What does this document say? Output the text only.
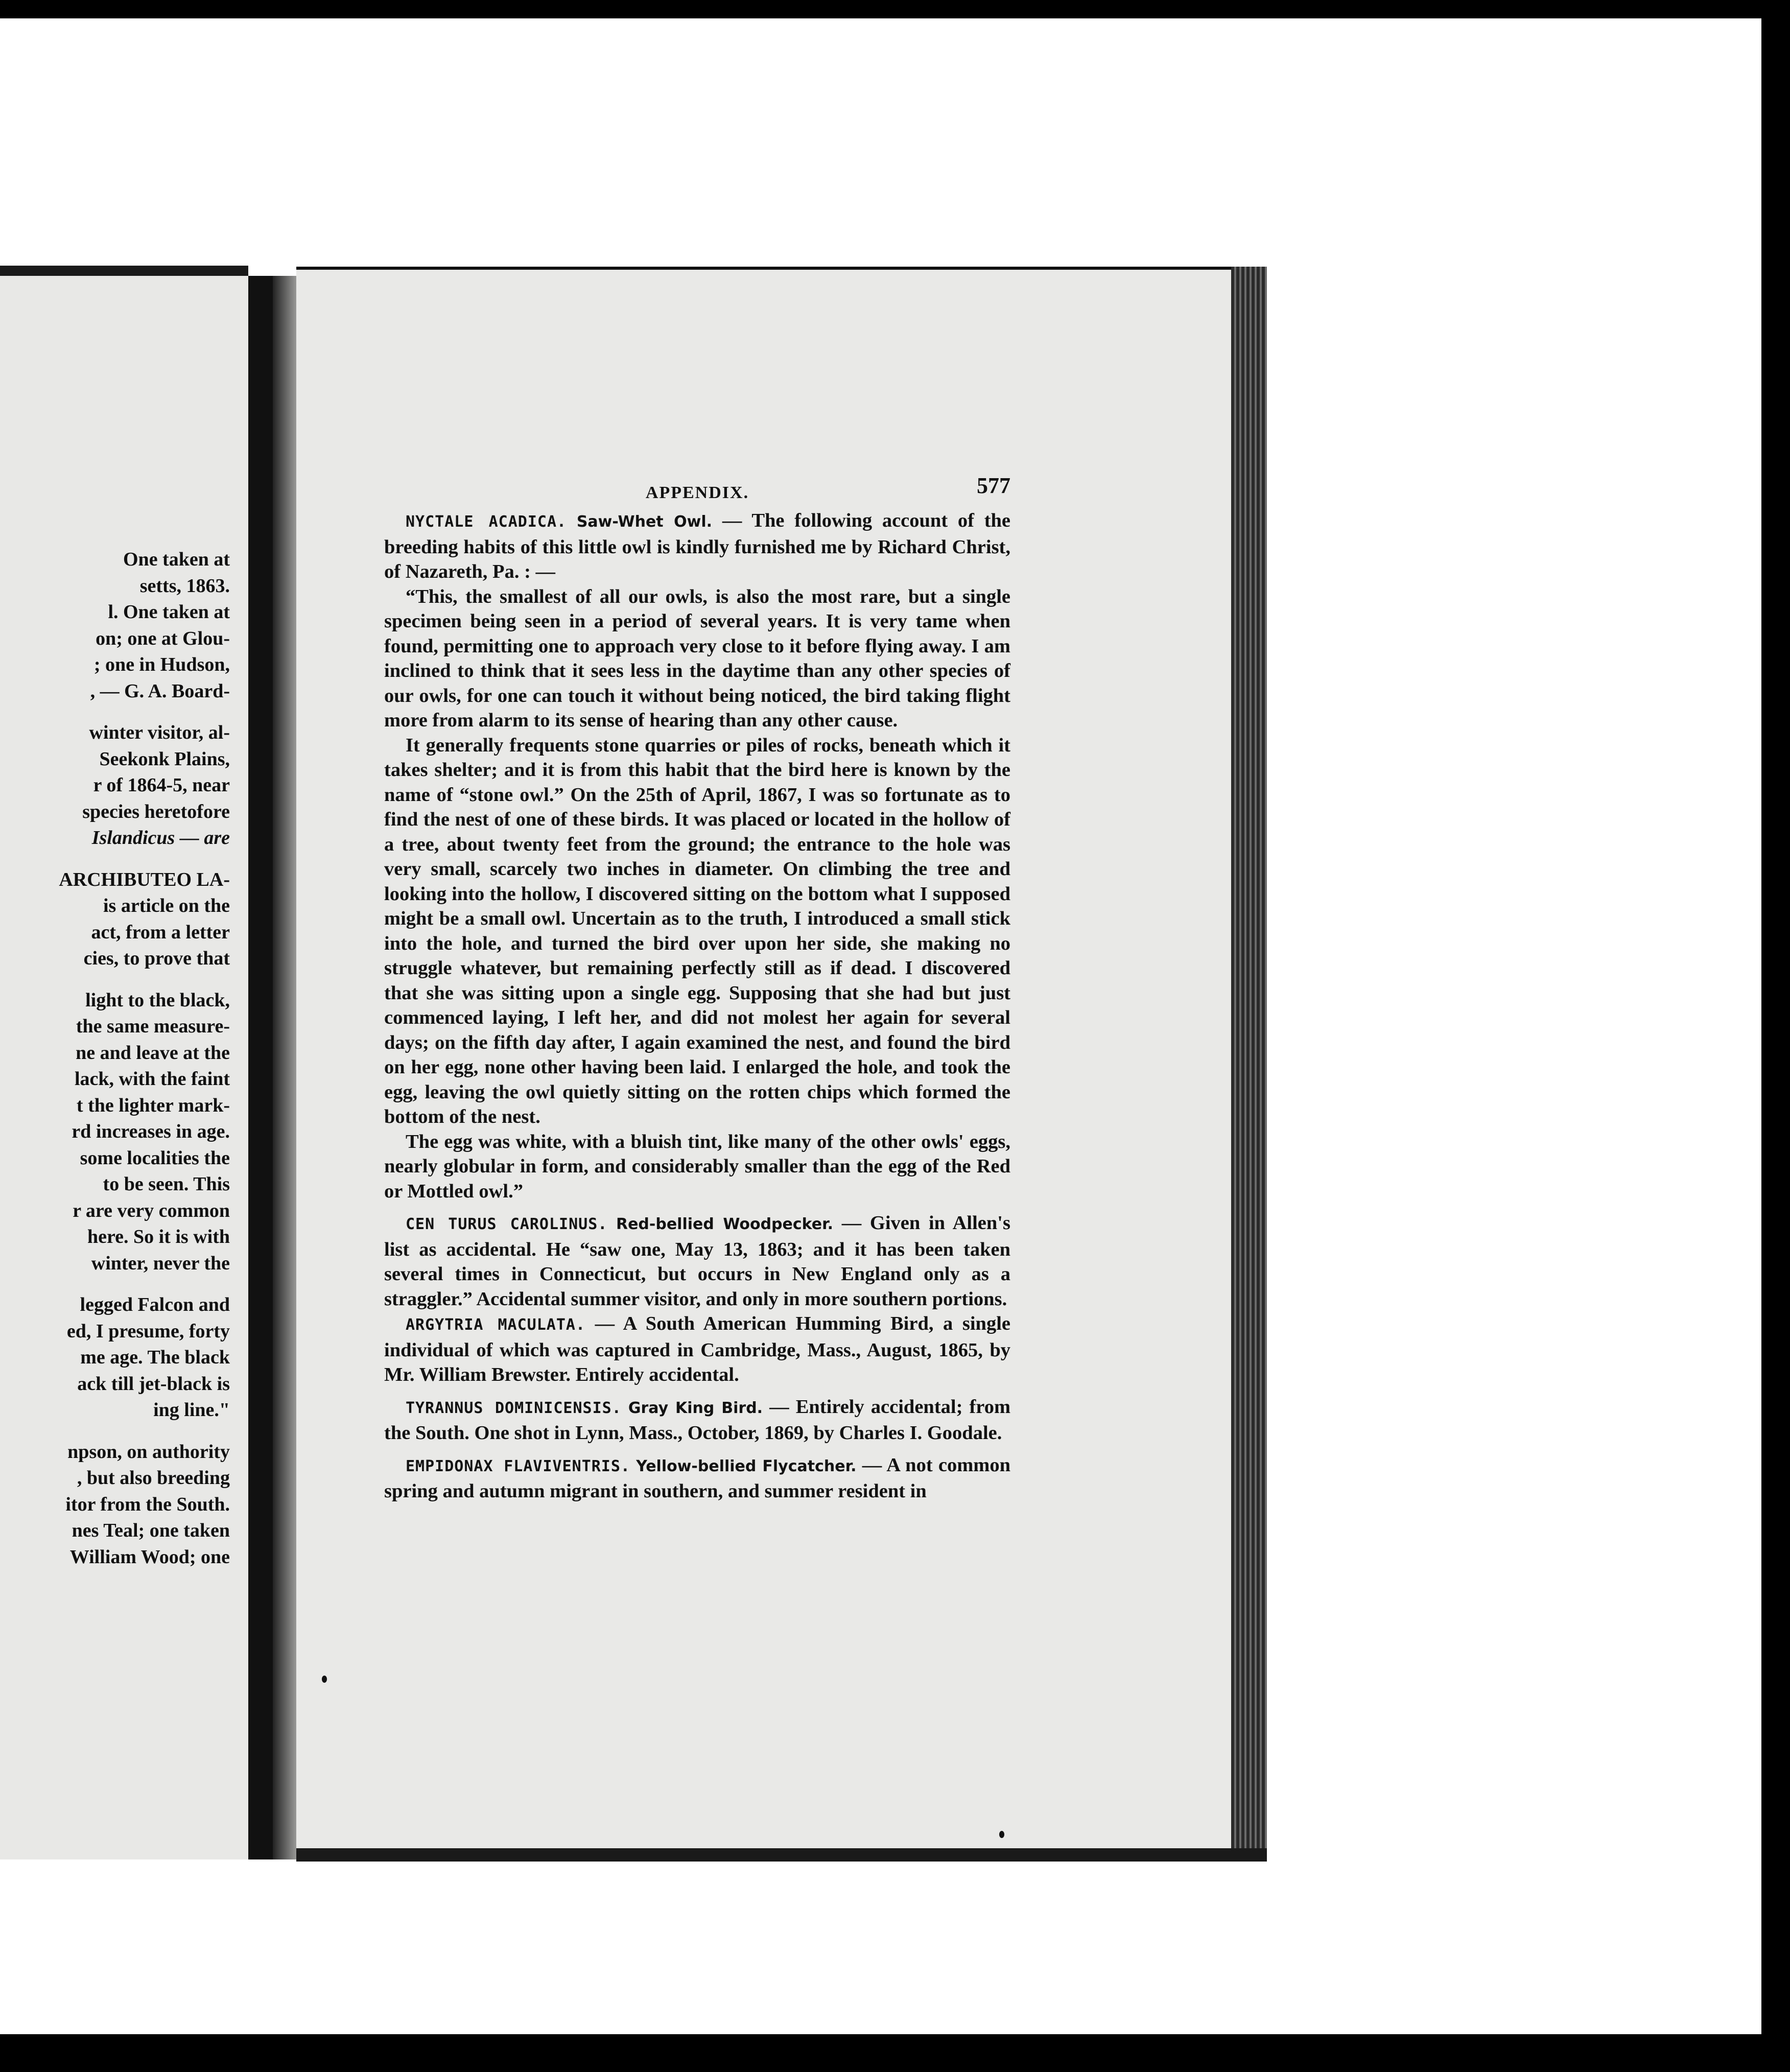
One taken at
setts, 1863.
l. One taken at
on; one at Glou-
; one in Hudson,
, — G. A. Board-
winter visitor, al-
Seekonk Plains,
r of 1864-5, near
species heretofore
Islandicus — are
ARCHIBUTEO LA-
is article on the
act, from a letter
cies, to prove that
light to the black,
the same measure-
ne and leave at the
lack, with the faint
t the lighter mark-
rd increases in age.
some localities the
to be seen. This
r are very common
here. So it is with
winter, never the
legged Falcon and
ed, I presume, forty
me age. The black
ack till jet-black is
ing line."
npson, on authority
, but also breeding
itor from the South.
nes Teal; one taken
William Wood; one
APPENDIX.	577

NYCTALE ACADICA. Saw-Whet Owl. — The following account of the breeding habits of this little owl is kindly furnished me by Richard Christ, of Nazareth, Pa. : —

“This, the smallest of all our owls, is also the most rare, but a single specimen being seen in a period of several years. It is very tame when found, permitting one to approach very close to it before flying away. I am inclined to think that it sees less in the daytime than any other species of our owls, for one can touch it without being noticed, the bird taking flight more from alarm to its sense of hearing than any other cause.

It generally frequents stone quarries or piles of rocks, beneath which it takes shelter; and it is from this habit that the bird here is known by the name of “stone owl.” On the 25th of April, 1867, I was so fortunate as to find the nest of one of these birds. It was placed or located in the hollow of a tree, about twenty feet from the ground; the entrance to the hole was very small, scarcely two inches in diameter. On climbing the tree and looking into the hollow, I discovered sitting on the bottom what I supposed might be a small owl. Uncertain as to the truth, I introduced a small stick into the hole, and turned the bird over upon her side, she making no struggle whatever, but remaining perfectly still as if dead. I discovered that she was sitting upon a single egg. Supposing that she had but just commenced laying, I left her, and did not molest her again for several days; on the fifth day after, I again examined the nest, and found the bird on her egg, none other having been laid. I enlarged the hole, and took the egg, leaving the owl quietly sitting on the rotten chips which formed the bottom of the nest.

The egg was white, with a bluish tint, like many of the other owls' eggs, nearly globular in form, and considerably smaller than the egg of the Red or Mottled owl.”

CEN TURUS CAROLINUS. Red-bellied Woodpecker. — Given in Allen's list as accidental. He “saw one, May 13, 1863; and it has been taken several times in Connecticut, but occurs in New England only as a straggler.” Accidental summer visitor, and only in more southern portions.

ARGYTRIA MACULATA. — A South American Humming Bird, a single individual of which was captured in Cambridge, Mass., August, 1865, by Mr. William Brewster. Entirely accidental.

TYRANNUS DOMINICENSIS. Gray King Bird. — Entirely accidental; from the South. One shot in Lynn, Mass., October, 1869, by Charles I. Goodale.

EMPIDONAX FLAVIVENTRIS. Yellow-bellied Flycatcher. — A not common spring and autumn migrant in southern, and summer resident in
